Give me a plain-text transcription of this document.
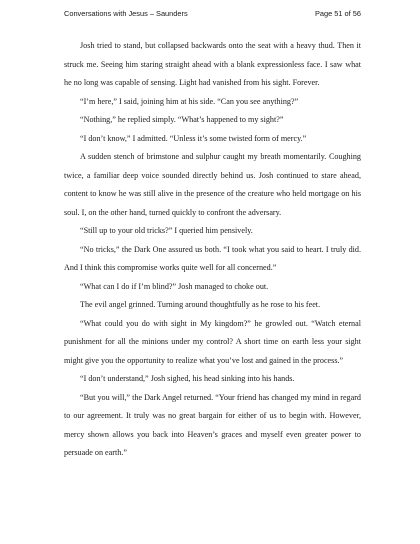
Conversations with Jesus – Saunders	Page 51 of 56

Josh tried to stand, but collapsed backwards onto the seat with a heavy thud. Then it struck me. Seeing him staring straight ahead with a blank expressionless face. I saw what he no long was capable of sensing. Light had vanished from his sight. Forever.

“I’m here,” I said, joining him at his side. “Can you see anything?”

“Nothing,” he replied simply. “What’s happened to my sight?”

“I don’t know,” I admitted. “Unless it’s some twisted form of mercy.”

A sudden stench of brimstone and sulphur caught my breath momentarily. Coughing twice, a familiar deep voice sounded directly behind us. Josh continued to stare ahead, content to know he was still alive in the presence of the creature who held mortgage on his soul. I, on the other hand, turned quickly to confront the adversary.

“Still up to your old tricks?” I queried him pensively.

“No tricks,” the Dark One assured us both. “I took what you said to heart. I truly did. And I think this compromise works quite well for all concerned.”

“What can I do if I’m blind?” Josh managed to choke out.

The evil angel grinned. Turning around thoughtfully as he rose to his feet.

“What could you do with sight in My kingdom?” he growled out. “Watch eternal punishment for all the minions under my control? A short time on earth less your sight might give you the opportunity to realize what you’ve lost and gained in the process.”

“I don’t understand,” Josh sighed, his head sinking into his hands.

“But you will,” the Dark Angel returned. “Your friend has changed my mind in regard to our agreement. It truly was no great bargain for either of us to begin with. However, mercy shown allows you back into Heaven’s graces and myself even greater power to persuade on earth.”
